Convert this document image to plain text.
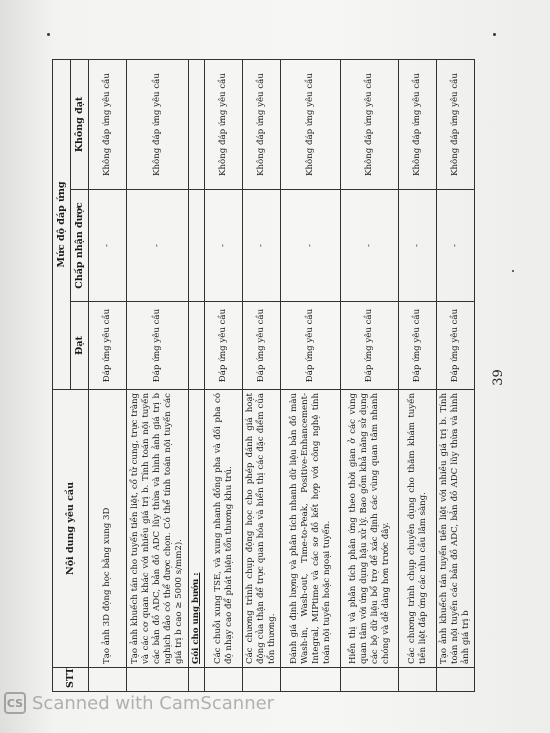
STT	Nội dung yêu cầu	Mức độ đáp ứng		
		Đạt	Chấp nhận được	Không đạt
	Tạo ảnh 3D động học bằng xung 3D	Đáp ứng yêu cầu	-	Không đáp ứng yêu cầu
	Tạo ảnh khuếch tán cho tuyến tiền liệt, cổ tử cung, trực tràng và các cơ quan khác với nhiều giá trị b. Tính toán nội tuyến các bản đồ ADC, bản đồ ADC lũy thừa và hình ảnh giá trị b nghịch đảo có thể được chọn. Có thể tính toán nội tuyến các giá trị b cao ≥ 5000 s/mm2).	Đáp ứng yêu cầu	-	Không đáp ứng yêu cầu
	Gói cho ung bướu :			
	Các chuỗi xung TSE, và xung nhanh đồng pha và đối pha có độ nhạy cao để phát hiện tổn thương khu trú.	Đáp ứng yêu cầu	-	Không đáp ứng yêu cầu
	Các chương trình chụp động học cho phép đánh giá hoạt động của thận để trực quan hóa và hiển thị các đặc điểm của tổn thương.	Đáp ứng yêu cầu	-	Không đáp ứng yêu cầu
	Đánh giá định lượng và phân tích nhanh dữ liệu bản đồ màu Wash-in, Wash-out, Time-to-Peak, Positive-Enhancement-Integral, MIPtime và các sơ đồ kết hợp với công nghệ tính toán nội tuyến hoặc ngoại tuyến.	Đáp ứng yêu cầu	-	Không đáp ứng yêu cầu
	Hiển thị và phân tích phân ứng theo thời gian ở các vùng quan tâm với ứng dụng hậu xử lý. Bao gồm khả năng sử dụng các bộ dữ liệu bổ trợ để xác định các vùng quan tâm nhanh chóng và dễ dàng hơn trước đây.	Đáp ứng yêu cầu	-	Không đáp ứng yêu cầu
	Các chương trình chụp chuyên dụng cho thăm khám tuyến tiền liệt đáp ứng các nhu cầu lâm sàng.	Đáp ứng yêu cầu	-	Không đáp ứng yêu cầu
	Tạo ảnh khuếch tán tuyến tiền liệt với nhiều giá trị b. Tính toán nội tuyến các bản đồ ADC, bản đồ ADC lũy thừa và hình ảnh giá trị b	Đáp ứng yêu cầu	-	Không đáp ứng yêu cầu
39
CS Scanned with CamScanner
